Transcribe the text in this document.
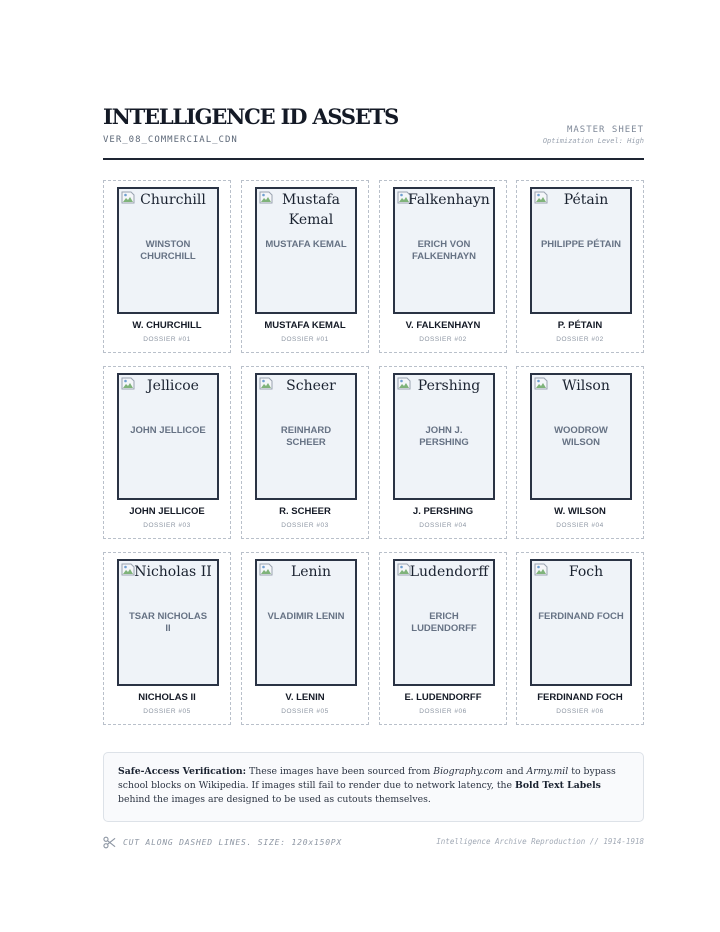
INTELLIGENCE ID ASSETS
VER_08_COMMERCIAL_CDN
MASTER SHEET
Optimization Level: High
Churchill
WINSTON CHURCHILL
W. CHURCHILL
DOSSIER #01
Mustafa Kemal
MUSTAFA KEMAL
MUSTAFA KEMAL
DOSSIER #01
Falkenhayn
ERICH VON FALKENHAYN
V. FALKENHAYN
DOSSIER #02
Pétain
PHILIPPE PÉTAIN
P. PÉTAIN
DOSSIER #02
Jellicoe
JOHN JELLICOE
JOHN JELLICOE
DOSSIER #03
Scheer
REINHARD SCHEER
R. SCHEER
DOSSIER #03
Pershing
JOHN J. PERSHING
J. PERSHING
DOSSIER #04
Wilson
WOODROW WILSON
W. WILSON
DOSSIER #04
Nicholas II
TSAR NICHOLAS II
NICHOLAS II
DOSSIER #05
Lenin
VLADIMIR LENIN
V. LENIN
DOSSIER #05
Ludendorff
ERICH LUDENDORFF
E. LUDENDORFF
DOSSIER #06
Foch
FERDINAND FOCH
FERDINAND FOCH
DOSSIER #06
Safe-Access Verification: These images have been sourced from Biography.com and Army.mil to bypass school blocks on Wikipedia. If images still fail to render due to network latency, the Bold Text Labels behind the images are designed to be used as cutouts themselves.
CUT ALONG DASHED LINES. SIZE: 120x150PX	Intelligence Archive Reproduction // 1914-1918
